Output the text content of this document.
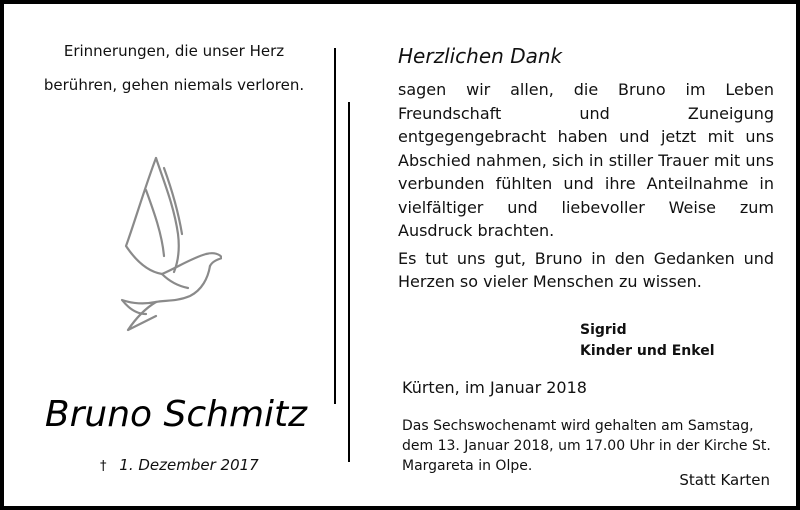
Erinnerungen, die unser Herz
berühren, gehen niemals verloren.
Bruno Schmitz
† 1. Dezember 2017
Herzlichen Dank

sagen wir allen, die Bruno im Leben Freundschaft und Zuneigung entgegengebracht haben und jetzt mit uns Abschied nahmen, sich in stiller Trauer mit uns verbunden fühlten und ihre Anteilnahme in vielfältiger und liebevoller Weise zum Ausdruck brachten.

Es tut uns gut, Bruno in den Gedanken und Herzen so vieler Menschen zu wissen.

Sigrid
Kinder und Enkel
Kürten, im Januar 2018
Das Sechswochenamt wird gehalten am Samstag, dem 13. Januar 2018, um 17.00 Uhr in der Kirche St. Margareta in Olpe.
Statt Karten
